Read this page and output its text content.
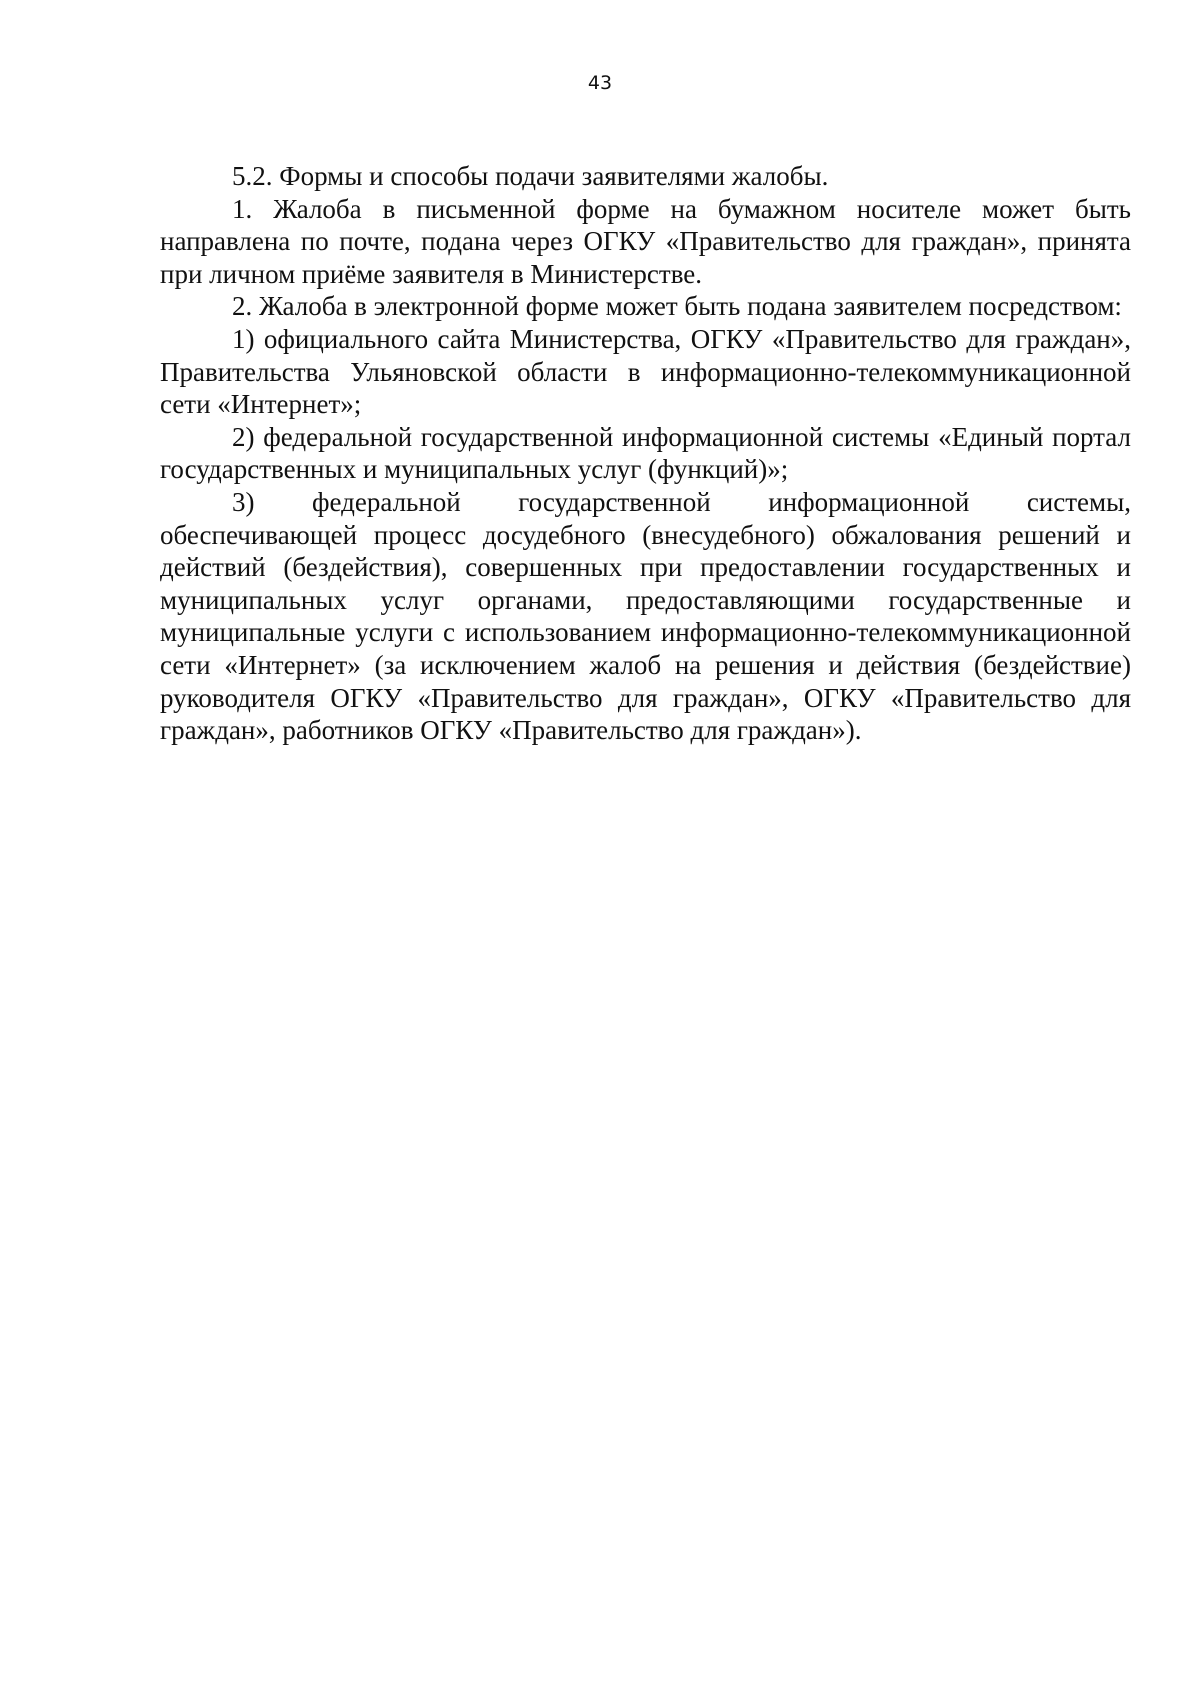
43

5.2. Формы и способы подачи заявителями жалобы.

1. Жалоба в письменной форме на бумажном носителе может быть направлена по почте, подана через ОГКУ «Правительство для граждан», принята при личном приёме заявителя в Министерстве.

2. Жалоба в электронной форме может быть подана заявителем посредством:

1) официального сайта Министерства, ОГКУ «Правительство для граждан», Правительства Ульяновской области в информационно-телекоммуникационной сети «Интернет»;

2) федеральной государственной информационной системы «Единый портал государственных и муниципальных услуг (функций)»;

3) федеральной государственной информационной системы, обеспечивающей процесс досудебного (внесудебного) обжалования решений и действий (бездействия), совершенных при предоставлении государственных и муниципальных услуг органами, предоставляющими государственные и муниципальные услуги с использованием информационно-телекоммуникационной сети «Интернет» (за исключением жалоб на решения и действия (бездействие) руководителя ОГКУ «Правительство для граждан», ОГКУ «Правительство для граждан», работников ОГКУ «Правительство для граждан»).
